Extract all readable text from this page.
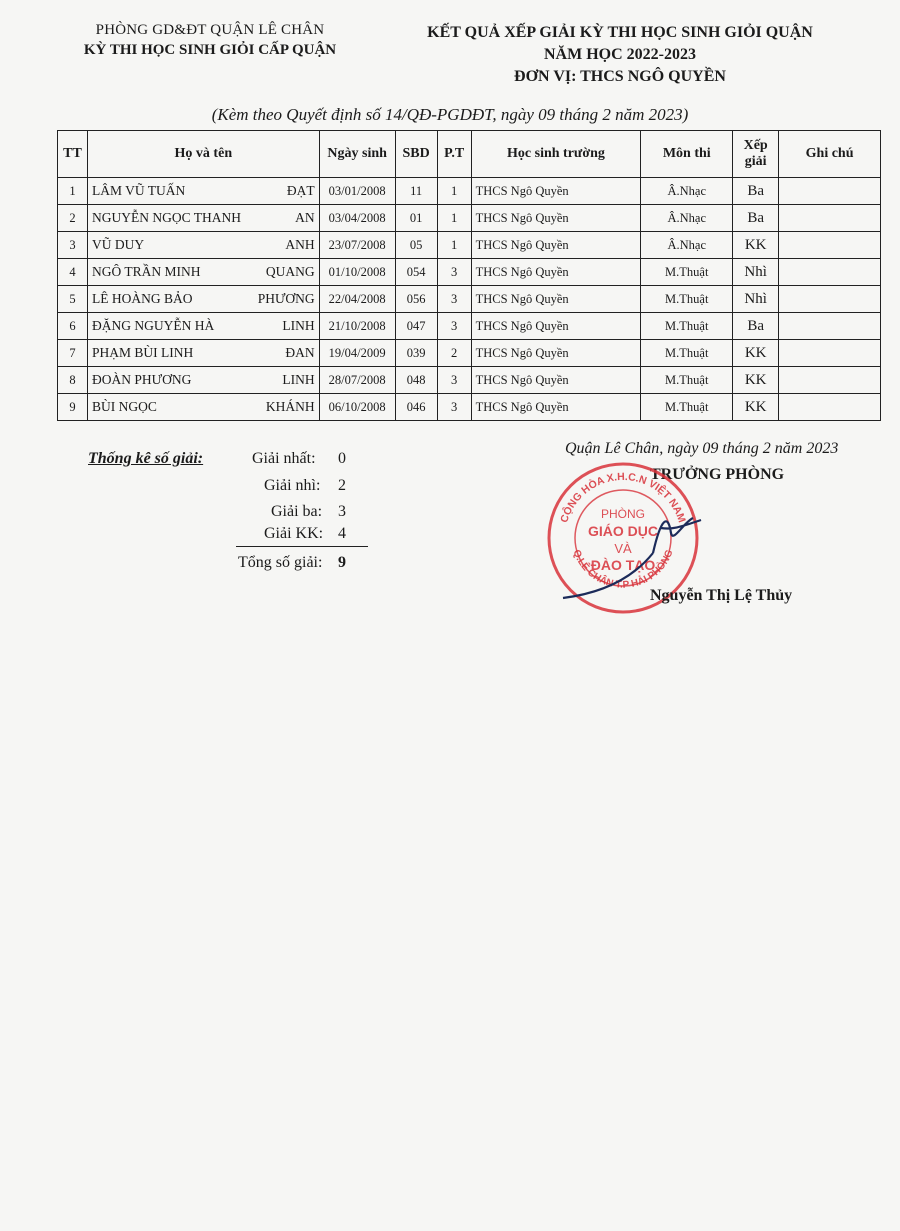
PHÒNG GD&ĐT QUẬN LÊ CHÂN
KỲ THI HỌC SINH GIỎI CẤP QUẬN
KẾT QUẢ XẾP GIẢI KỲ THI HỌC SINH GIỎI QUẬN
NĂM HỌC 2022-2023
ĐƠN VỊ: THCS NGÔ QUYỀN
(Kèm theo Quyết định số 14/QĐ-PGDĐT, ngày 09 tháng 2 năm 2023)
TT	Họ và tên	Ngày sinh	SBD	P.T	Học sinh trường	Môn thi	Xếp
giải	Ghi chú
1	LÂM VŨ TUẤN ĐẠT	03/01/2008	11	1	THCS Ngô Quyền	Â.Nhạc	Ba	
2	NGUYỄN NGỌC THANH AN	03/04/2008	01	1	THCS Ngô Quyền	Â.Nhạc	Ba	
3	VŨ DUY ANH	23/07/2008	05	1	THCS Ngô Quyền	Â.Nhạc	KK	
4	NGÔ TRẦN MINH QUANG	01/10/2008	054	3	THCS Ngô Quyền	M.Thuật	Nhì	
5	LÊ HOÀNG BẢO PHƯƠNG	22/04/2008	056	3	THCS Ngô Quyền	M.Thuật	Nhì	
6	ĐẶNG NGUYỄN HÀ LINH	21/10/2008	047	3	THCS Ngô Quyền	M.Thuật	Ba	
7	PHẠM BÙI LINH ĐAN	19/04/2009	039	2	THCS Ngô Quyền	M.Thuật	KK	
8	ĐOÀN PHƯƠNG LINH	28/07/2008	048	3	THCS Ngô Quyền	M.Thuật	KK	
9	BÙI NGỌC KHÁNH	06/10/2008	046	3	THCS Ngô Quyền	M.Thuật	KK	
Thống kê số giải:	Giải nhất: 0
Giải nhì: 2
Giải ba: 3
Giải KK: 4
Tổng số giải: 9
Quận Lê Chân, ngày 09 tháng 2 năm 2023
TRƯỞNG PHÒNG
CỘNG HÒA X.H.C.N VIỆT NAM
Q.LÊ CHÂN T.P HẢI PHÒNG
PHÒNG
GIÁO DỤC
VÀ
ĐÀO TẠO
Nguyễn Thị Lệ Thủy
